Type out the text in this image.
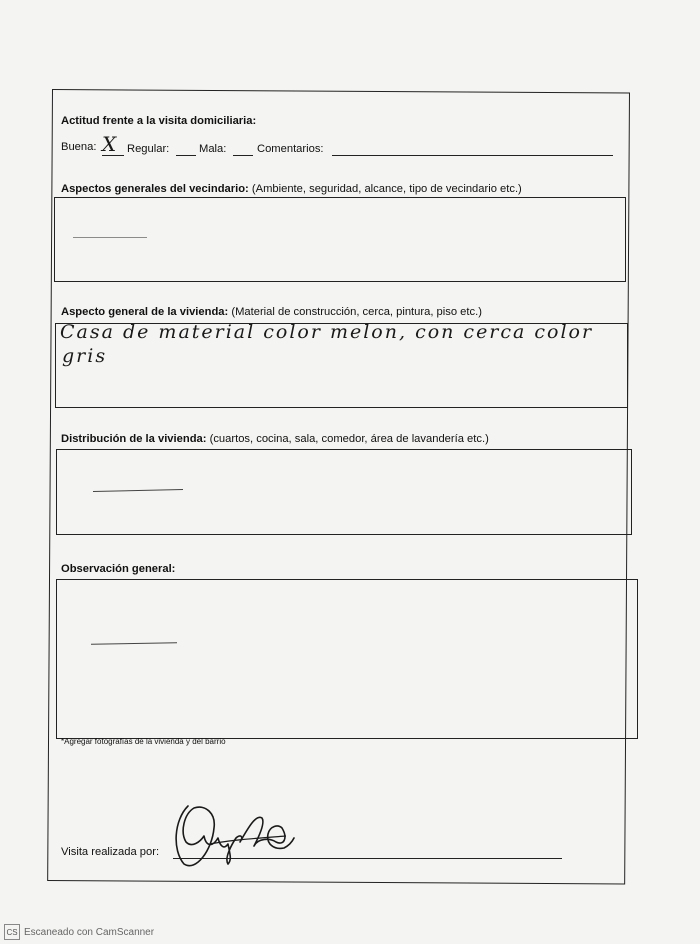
Actitud frente a la visita domiciliaria:
Buena: X Regular:	Mala:	Comentarios:
Aspectos generales del vecindario: (Ambiente, seguridad, alcance, tipo de vecindario etc.)
Aspecto general de la vivienda: (Material de construcción, cerca, pintura, piso etc.)
Casa de material color melon, con cerca color
gris
Distribución de la vivienda: (cuartos, cocina, sala, comedor, área de lavandería etc.)
Observación general:
*Agregar fotografías de la vivienda y del barrio
Visita realizada por:
CS Escaneado con CamScanner
